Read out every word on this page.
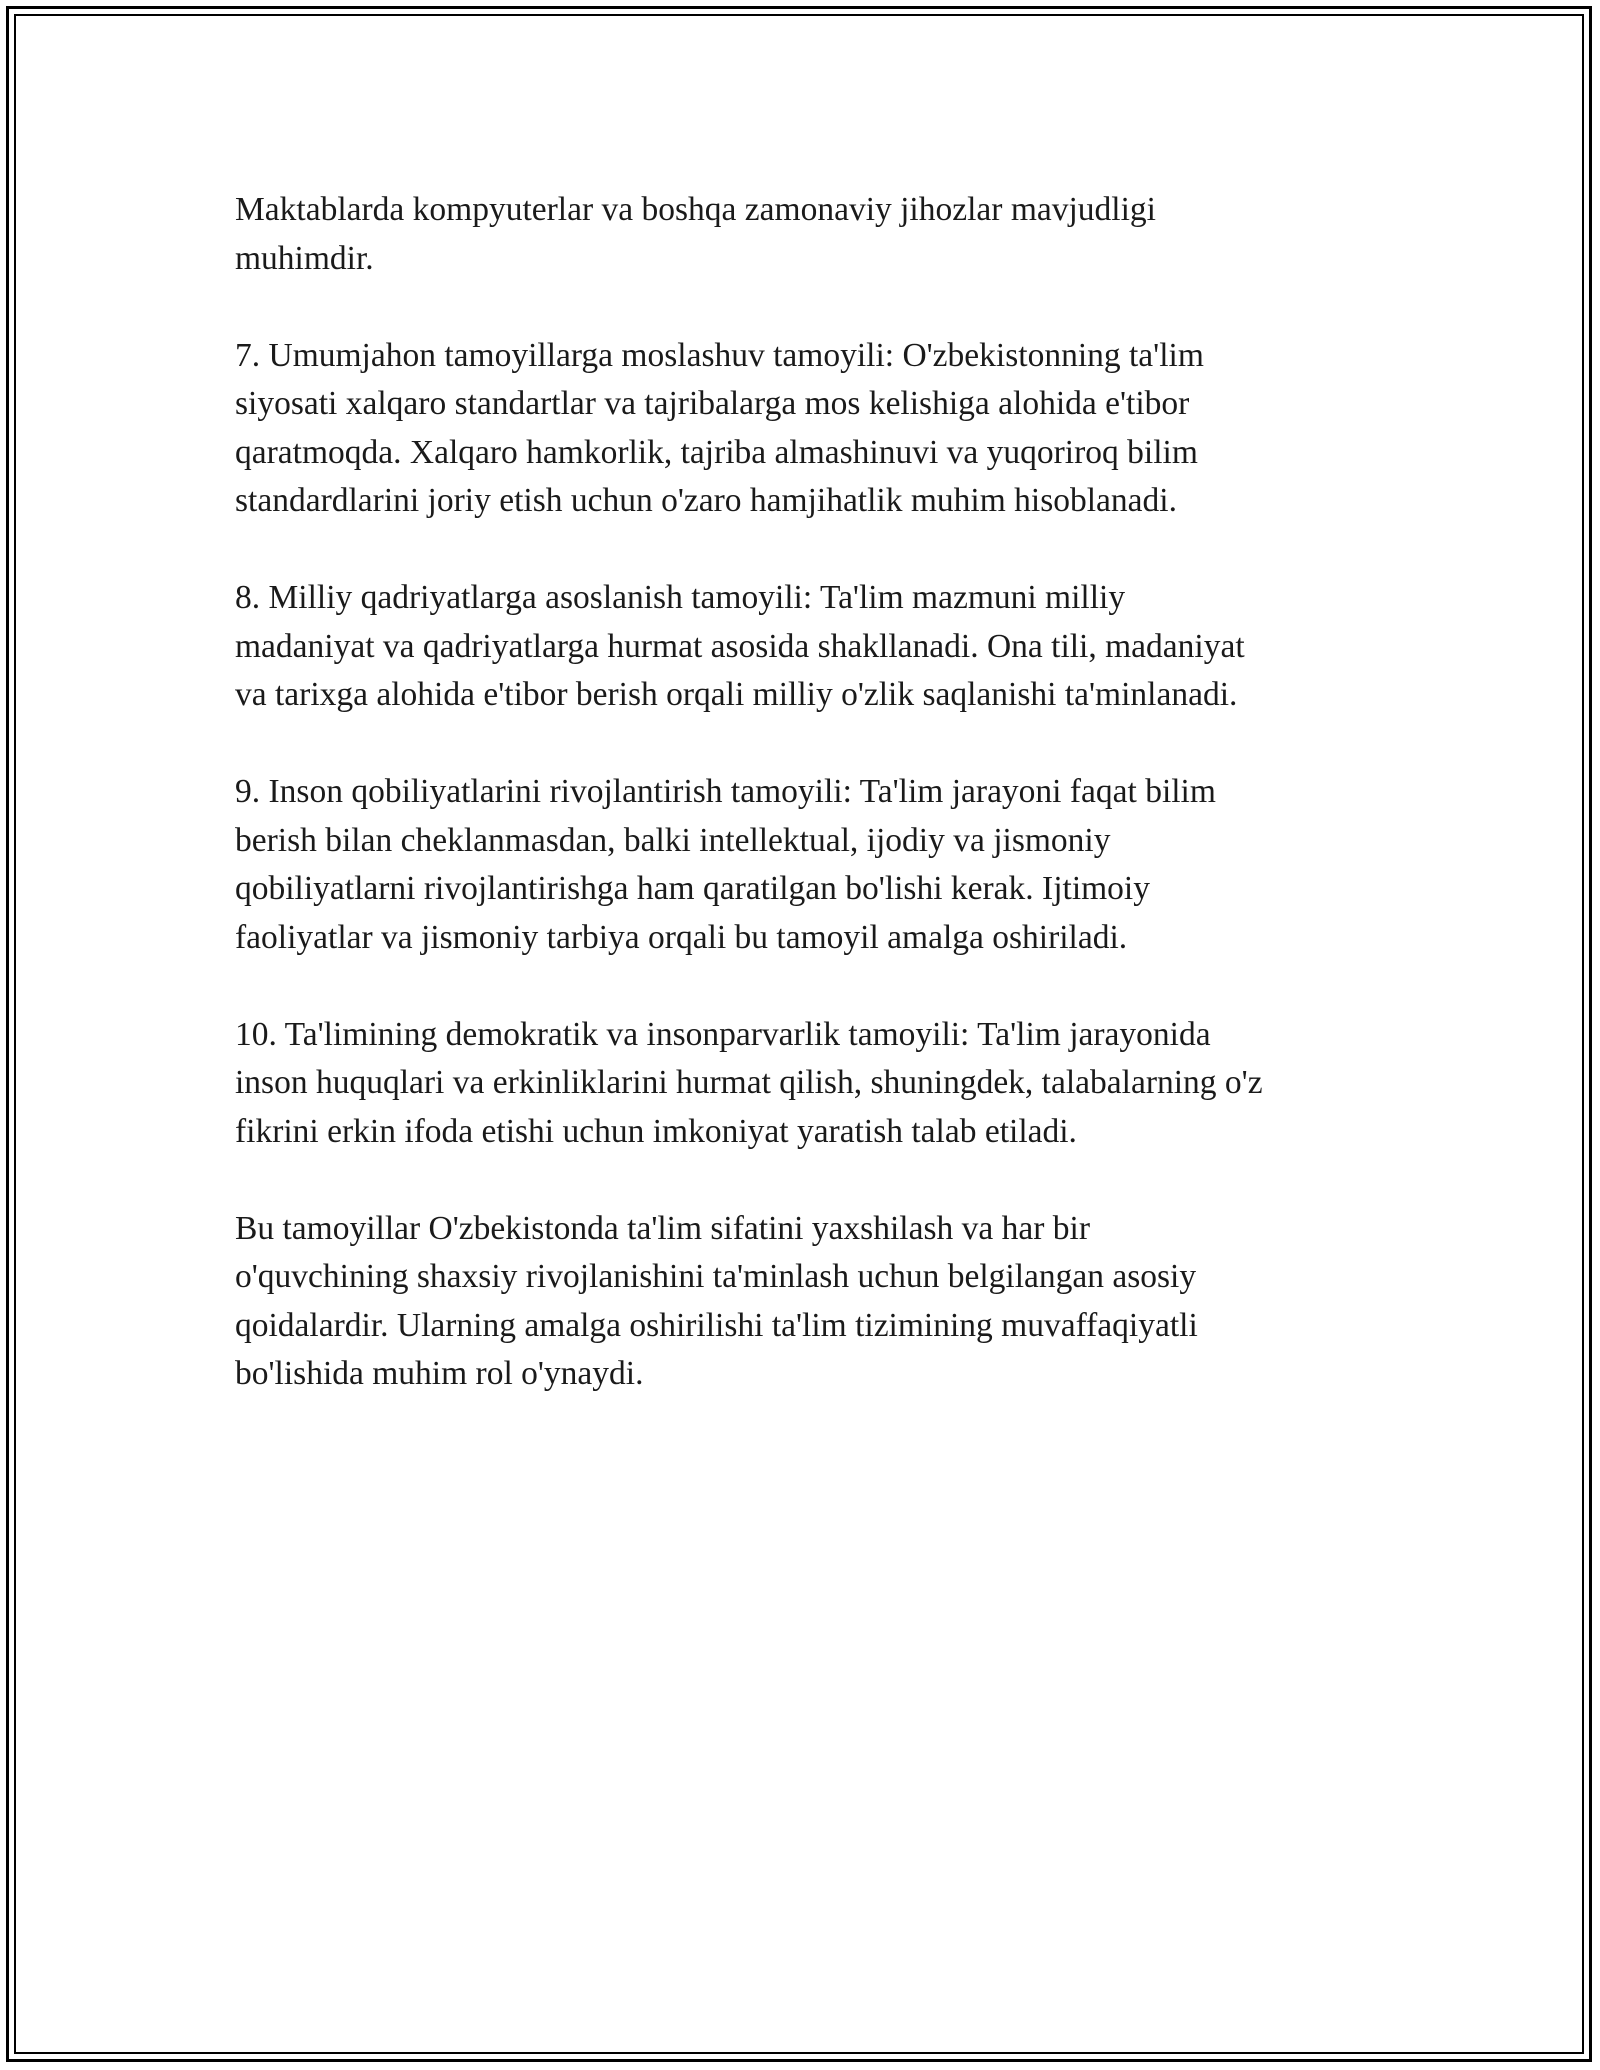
Maktablarda kompyuterlar va boshqa zamonaviy jihozlar mavjudligi
muhimdir.

7. Umumjahon tamoyillarga moslashuv tamoyili: O'zbekistonning ta'lim
siyosati xalqaro standartlar va tajribalarga mos kelishiga alohida e'tibor
qaratmoqda. Xalqaro hamkorlik, tajriba almashinuvi va yuqoriroq bilim
standardlarini joriy etish uchun o'zaro hamjihatlik muhim hisoblanadi.

8. Milliy qadriyatlarga asoslanish tamoyili: Ta'lim mazmuni milliy
madaniyat va qadriyatlarga hurmat asosida shakllanadi. Ona tili, madaniyat
va tarixga alohida e'tibor berish orqali milliy o'zlik saqlanishi ta'minlanadi.

9. Inson qobiliyatlarini rivojlantirish tamoyili: Ta'lim jarayoni faqat bilim
berish bilan cheklanmasdan, balki intellektual, ijodiy va jismoniy
qobiliyatlarni rivojlantirishga ham qaratilgan bo'lishi kerak. Ijtimoiy
faoliyatlar va jismoniy tarbiya orqali bu tamoyil amalga oshiriladi.

10. Ta'limining demokratik va insonparvarlik tamoyili: Ta'lim jarayonida
inson huquqlari va erkinliklarini hurmat qilish, shuningdek, talabalarning o'z
fikrini erkin ifoda etishi uchun imkoniyat yaratish talab etiladi.

Bu tamoyillar O'zbekistonda ta'lim sifatini yaxshilash va har bir
o'quvchining shaxsiy rivojlanishini ta'minlash uchun belgilangan asosiy
qoidalardir. Ularning amalga oshirilishi ta'lim tizimining muvaffaqiyatli
bo'lishida muhim rol o'ynaydi.
